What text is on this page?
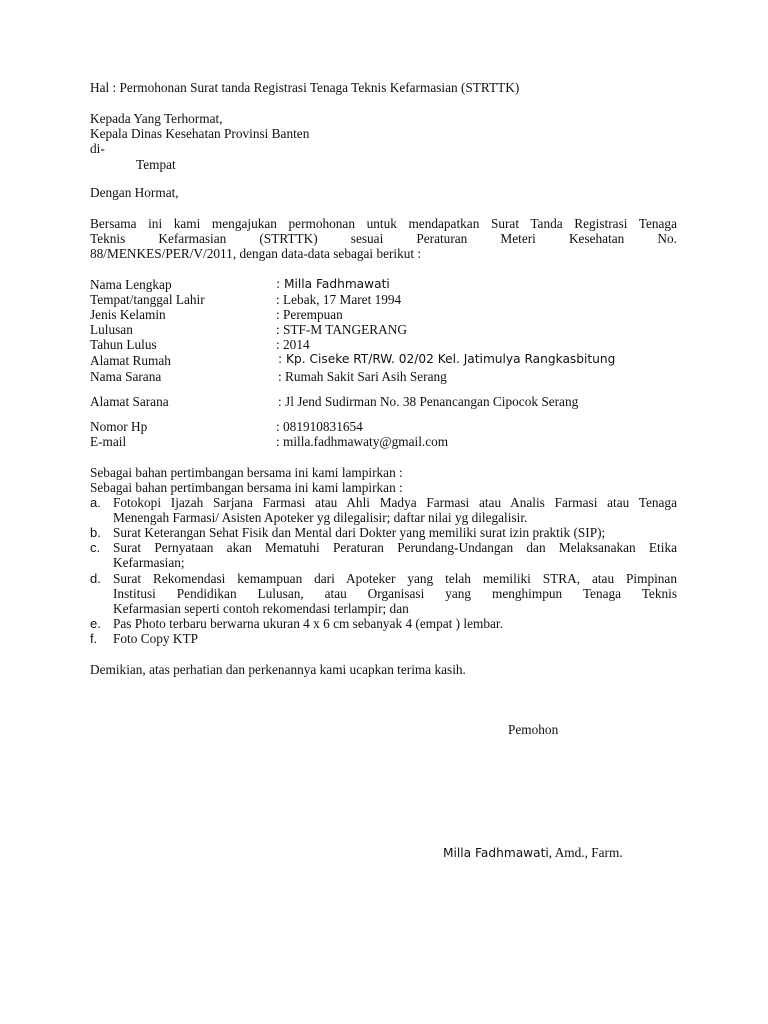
Hal : Permohonan Surat tanda Registrasi Tenaga Teknis Kefarmasian (STRTTK)
Kepada Yang Terhormat,
Kepala Dinas Kesehatan Provinsi Banten
di-
Tempat
Dengan Hormat,
Bersama ini kami mengajukan permohonan untuk mendapatkan Surat Tanda Registrasi Tenaga
Teknis Kefarmasian (STRTTK) sesuai Peraturan Meteri Kesehatan No.
88/MENKES/PER/V/2011, dengan data-data sebagai berikut :
Nama Lengkap	: Milla Fadhmawati
Tempat/tanggal Lahir	: Lebak, 17 Maret 1994
Jenis Kelamin	: Perempuan
Lulusan	: STF-M TANGERANG
Tahun Lulus	: 2014
Alamat Rumah	: Kp. Ciseke RT/RW. 02/02 Kel. Jatimulya Rangkasbitung
Nama Sarana	: Rumah Sakit Sari Asih Serang
Alamat Sarana	: Jl Jend Sudirman No. 38 Penancangan Cipocok Serang
Nomor Hp	: 081910831654
E-mail	: milla.fadhmawaty@gmail.com
Sebagai bahan pertimbangan bersama ini kami lampirkan :
Sebagai bahan pertimbangan bersama ini kami lampirkan :
a. Fotokopi Ijazah Sarjana Farmasi atau Ahli Madya Farmasi atau Analis Farmasi atau Tenaga
Menengah Farmasi/ Asisten Apoteker yg dilegalisir; daftar nilai yg dilegalisir.
b. Surat Keterangan Sehat Fisik dan Mental dari Dokter yang memiliki surat izin praktik (SIP);
c. Surat Pernyataan akan Mematuhi Peraturan Perundang-Undangan dan Melaksanakan Etika
Kefarmasian;
d. Surat Rekomendasi kemampuan dari Apoteker yang telah memiliki STRA, atau Pimpinan
Institusi Pendidikan Lulusan, atau Organisasi yang menghimpun Tenaga Teknis
Kefarmasian seperti contoh rekomendasi terlampir; dan
e. Pas Photo terbaru berwarna ukuran 4 x 6 cm sebanyak 4 (empat ) lembar.
f. Foto Copy KTP
Demikian, atas perhatian dan perkenannya kami ucapkan terima kasih.
Pemohon
Milla Fadhmawati, Amd., Farm.
